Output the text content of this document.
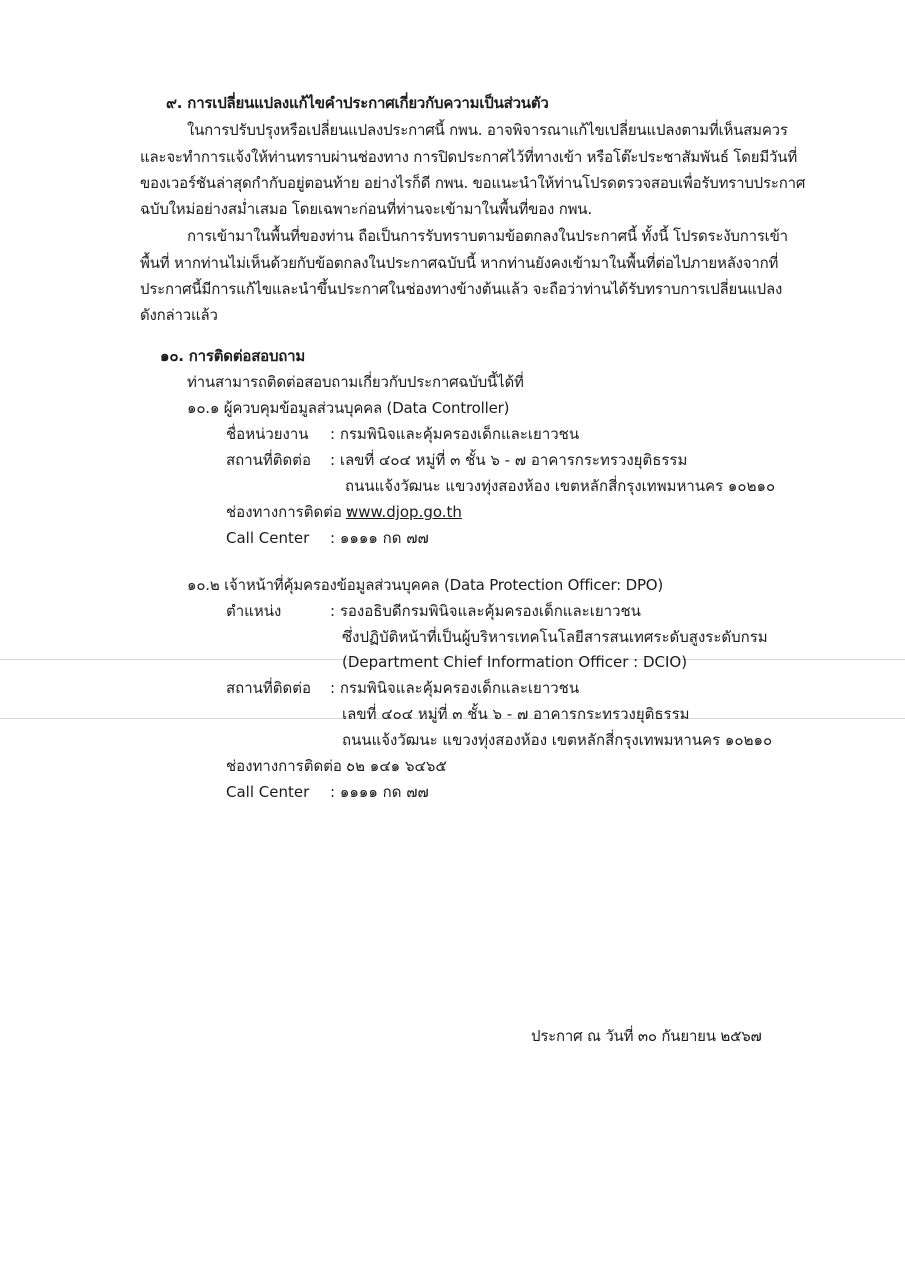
๙. การเปลี่ยนแปลงแก้ไขคำประกาศเกี่ยวกับความเป็นส่วนตัว
ในการปรับปรุงหรือเปลี่ยนแปลงประกาศนี้ กพน. อาจพิจารณาแก้ไขเปลี่ยนแปลงตามที่เห็นสมควร
และจะทำการแจ้งให้ท่านทราบผ่านช่องทาง การปิดประกาศไว้ที่ทางเข้า หรือโต๊ะประชาสัมพันธ์ โดยมีวันที่
ของเวอร์ชันล่าสุดกำกับอยู่ตอนท้าย อย่างไรก็ดี กพน. ขอแนะนำให้ท่านโปรดตรวจสอบเพื่อรับทราบประกาศ
ฉบับใหม่อย่างสม่ำเสมอ โดยเฉพาะก่อนที่ท่านจะเข้ามาในพื้นที่ของ กพน.
การเข้ามาในพื้นที่ของท่าน ถือเป็นการรับทราบตามข้อตกลงในประกาศนี้ ทั้งนี้ โปรดระงับการเข้า
พื้นที่ หากท่านไม่เห็นด้วยกับข้อตกลงในประกาศฉบับนี้ หากท่านยังคงเข้ามาในพื้นที่ต่อไปภายหลังจากที่
ประกาศนี้มีการแก้ไขและนำขึ้นประกาศในช่องทางข้างต้นแล้ว จะถือว่าท่านได้รับทราบการเปลี่ยนแปลง
ดังกล่าวแล้ว
๑๐. การติดต่อสอบถาม
ท่านสามารถติดต่อสอบถามเกี่ยวกับประกาศฉบับนี้ได้ที่
๑๐.๑ ผู้ควบคุมข้อมูลส่วนบุคคล (Data Controller)
ชื่อหน่วยงาน : กรมพินิจและคุ้มครองเด็กและเยาวชน
สถานที่ติดต่อ : เลขที่ ๔๐๔ หมู่ที่ ๓ ชั้น ๖ - ๗ อาคารกระทรวงยุติธรรม
ถนนแจ้งวัฒนะ แขวงทุ่งสองห้อง เขตหลักสี่กรุงเทพมหานคร ๑๐๒๑๐
ช่องทางการติดต่อ :
www.djop.go.th
Call Center : ๑๑๑๑ กด ๗๗
๑๐.๒ เจ้าหน้าที่คุ้มครองข้อมูลส่วนบุคคล (Data Protection Officer: DPO)
ตำแหน่ง	: รองอธิบดีกรมพินิจและคุ้มครองเด็กและเยาวชน
ซึ่งปฏิบัติหน้าที่เป็นผู้บริหารเทคโนโลยีสารสนเทศระดับสูงระดับกรม
(Department Chief Information Officer : DCIO)
สถานที่ติดต่อ : กรมพินิจและคุ้มครองเด็กและเยาวชน
เลขที่ ๔๐๔ หมู่ที่ ๓ ชั้น ๖ - ๗ อาคารกระทรวงยุติธรรม
ถนนแจ้งวัฒนะ แขวงทุ่งสองห้อง เขตหลักสี่กรุงเทพมหานคร ๑๐๒๑๐
ช่องทางการติดต่อ :
๐๒ ๑๔๑ ๖๔๖๕
Call Center : ๑๑๑๑ กด ๗๗
ประกาศ ณ วันที่ ๓๐ กันยายน ๒๕๖๗
